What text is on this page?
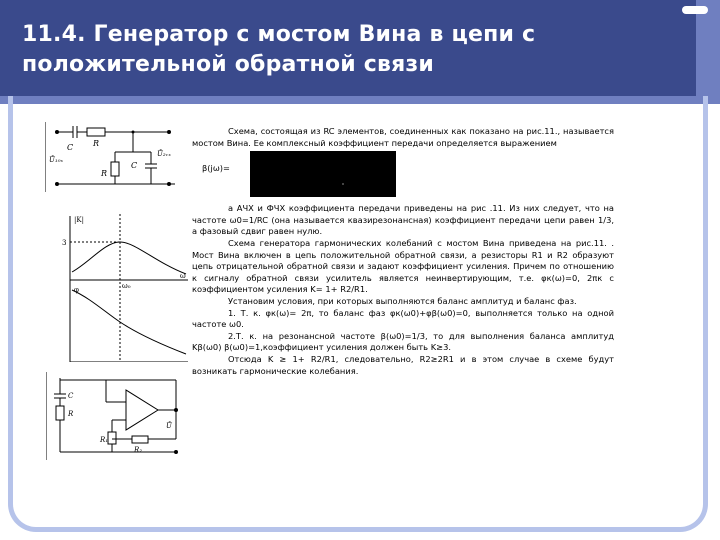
11.4. Генератор с мостом Вина в цепи с положительной обратной связи
C R
R
C
Ů₁₀ₓ
Ů₂ᵥₓ
|K|
3
φ
ω
ω₀
C
R
R₁
R₂
Ů

Схема, состоящая из RC элементов, соединенных как показано на рис.11., называется мостом Вина. Ее комплексный коэффициент передачи определяется выражением

β(jω)=

а АЧХ и ФЧХ коэффициента передачи приведены на рис .11. Из них следует, что на частоте ω0=1/RC (она называется квазирезонансная) коэффициент передачи цепи равен 1/3, а фазовый сдвиг равен нулю.

Схема генератора гармонических колебаний с мостом Вина приведена на рис.11. . Мост Вина включен в цепь положительной обратной связи, а резисторы R1 и R2 образуют цепь отрицательной обратной связи и задают коэффициент усиления. Причем по отношению к сигналу обратной связи усилитель является неинвертирующим, т.е. φк(ω)=0, 2πк с коэффициентом усиления K= 1+ R2/R1.

Установим условия, при которых выполняются баланс амплитуд и баланс фаз.

1. Т. к. φк(ω)= 2π, то баланс фаз φк(ω0)+φβ(ω0)=0, выполняется только на одной частоте ω0.

2.Т. к. на резонансной частоте β(ω0)=1/3, то для выполнения баланса амплитуд Kβ(ω0) β(ω0)=1,коэффициент усиления должен быть K≥3.

Отсюда K ≥ 1+ R2/R1, следовательно, R2≥2R1 и в этом случае в схеме будут возникать гармонические колебания.
